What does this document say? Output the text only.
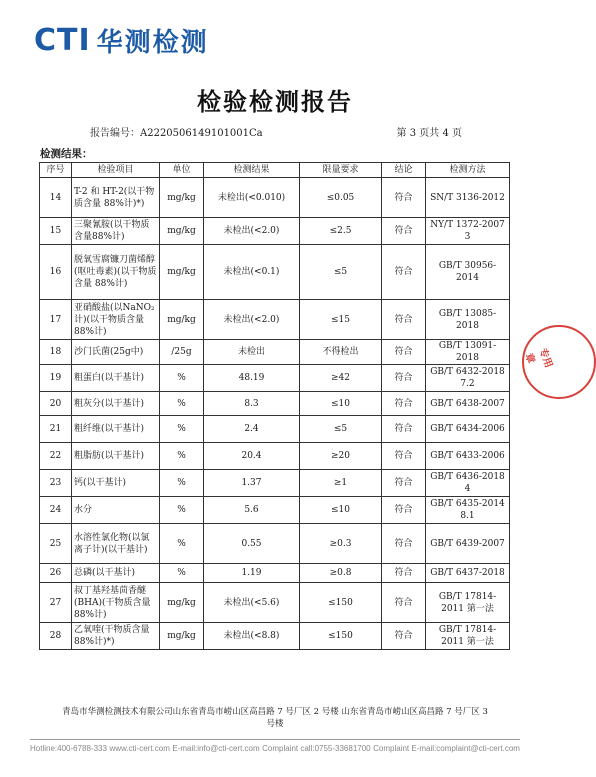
CTI 华测检测
检验检测报告
报告编号：A2220506149101001Ca	第 3 页共 4 页
检测结果：
序号	检验项目	单位	检测结果	限量要求	结论	检测方法
14	T-2 和 HT-2(以干物质含量 88%计)*)	mg/kg	未检出(<0.010)	≤0.05	符合	SN/T 3136-2012
15	三聚氰胺(以干物质含量88%计)	mg/kg	未检出(<2.0)	≤2.5	符合	NY/T 1372-2007 3
16	脱氧雪腐镰刀菌烯醇(呕吐毒素)(以干物质含量 88%计)	mg/kg	未检出(<0.1)	≤5	符合	GB/T 30956-2014
17	亚硝酸盐(以NaNO₂计)(以干物质含量 88%计)	mg/kg	未检出(<2.0)	≤15	符合	GB/T 13085-2018
18	沙门氏菌(25g中)	/25g	未检出	不得检出	符合	GB/T 13091-2018
19	粗蛋白(以干基计)	%	48.19	≥42	符合	GB/T 6432-2018 7.2
20	粗灰分(以干基计)	%	8.3	≤10	符合	GB/T 6438-2007
21	粗纤维(以干基计)	%	2.4	≤5	符合	GB/T 6434-2006
22	粗脂肪(以干基计)	%	20.4	≥20	符合	GB/T 6433-2006
23	钙(以干基计)	%	1.37	≥1	符合	GB/T 6436-2018 4
24	水分	%	5.6	≤10	符合	GB/T 6435-2014 8.1
25	水溶性氯化物(以氯离子计)(以干基计)	%	0.55	≥0.3	符合	GB/T 6439-2007
26	总磷(以干基计)	%	1.19	≥0.8	符合	GB/T 6437-2018
27	叔丁基羟基茴香醚(BHA)(干物质含量 88%计)	mg/kg	未检出(<5.6)	≤150	符合	GB/T 17814-2011 第一法
28	乙氧喹(干物质含量88%计)*)	mg/kg	未检出(<8.8)	≤150	符合	GB/T 17814-2011 第一法
专用章
青岛市华测检测技术有限公司山东省青岛市崂山区高昌路 7 号厂区 2 号楼 山东省青岛市崂山区高昌路 7 号厂区 3 号楼
Hotline:400-6788-333 www.cti-cert.com E-mail:info@cti-cert.com Complaint call:0755-33681700 Complaint E-mail:complaint@cti-cert.com
